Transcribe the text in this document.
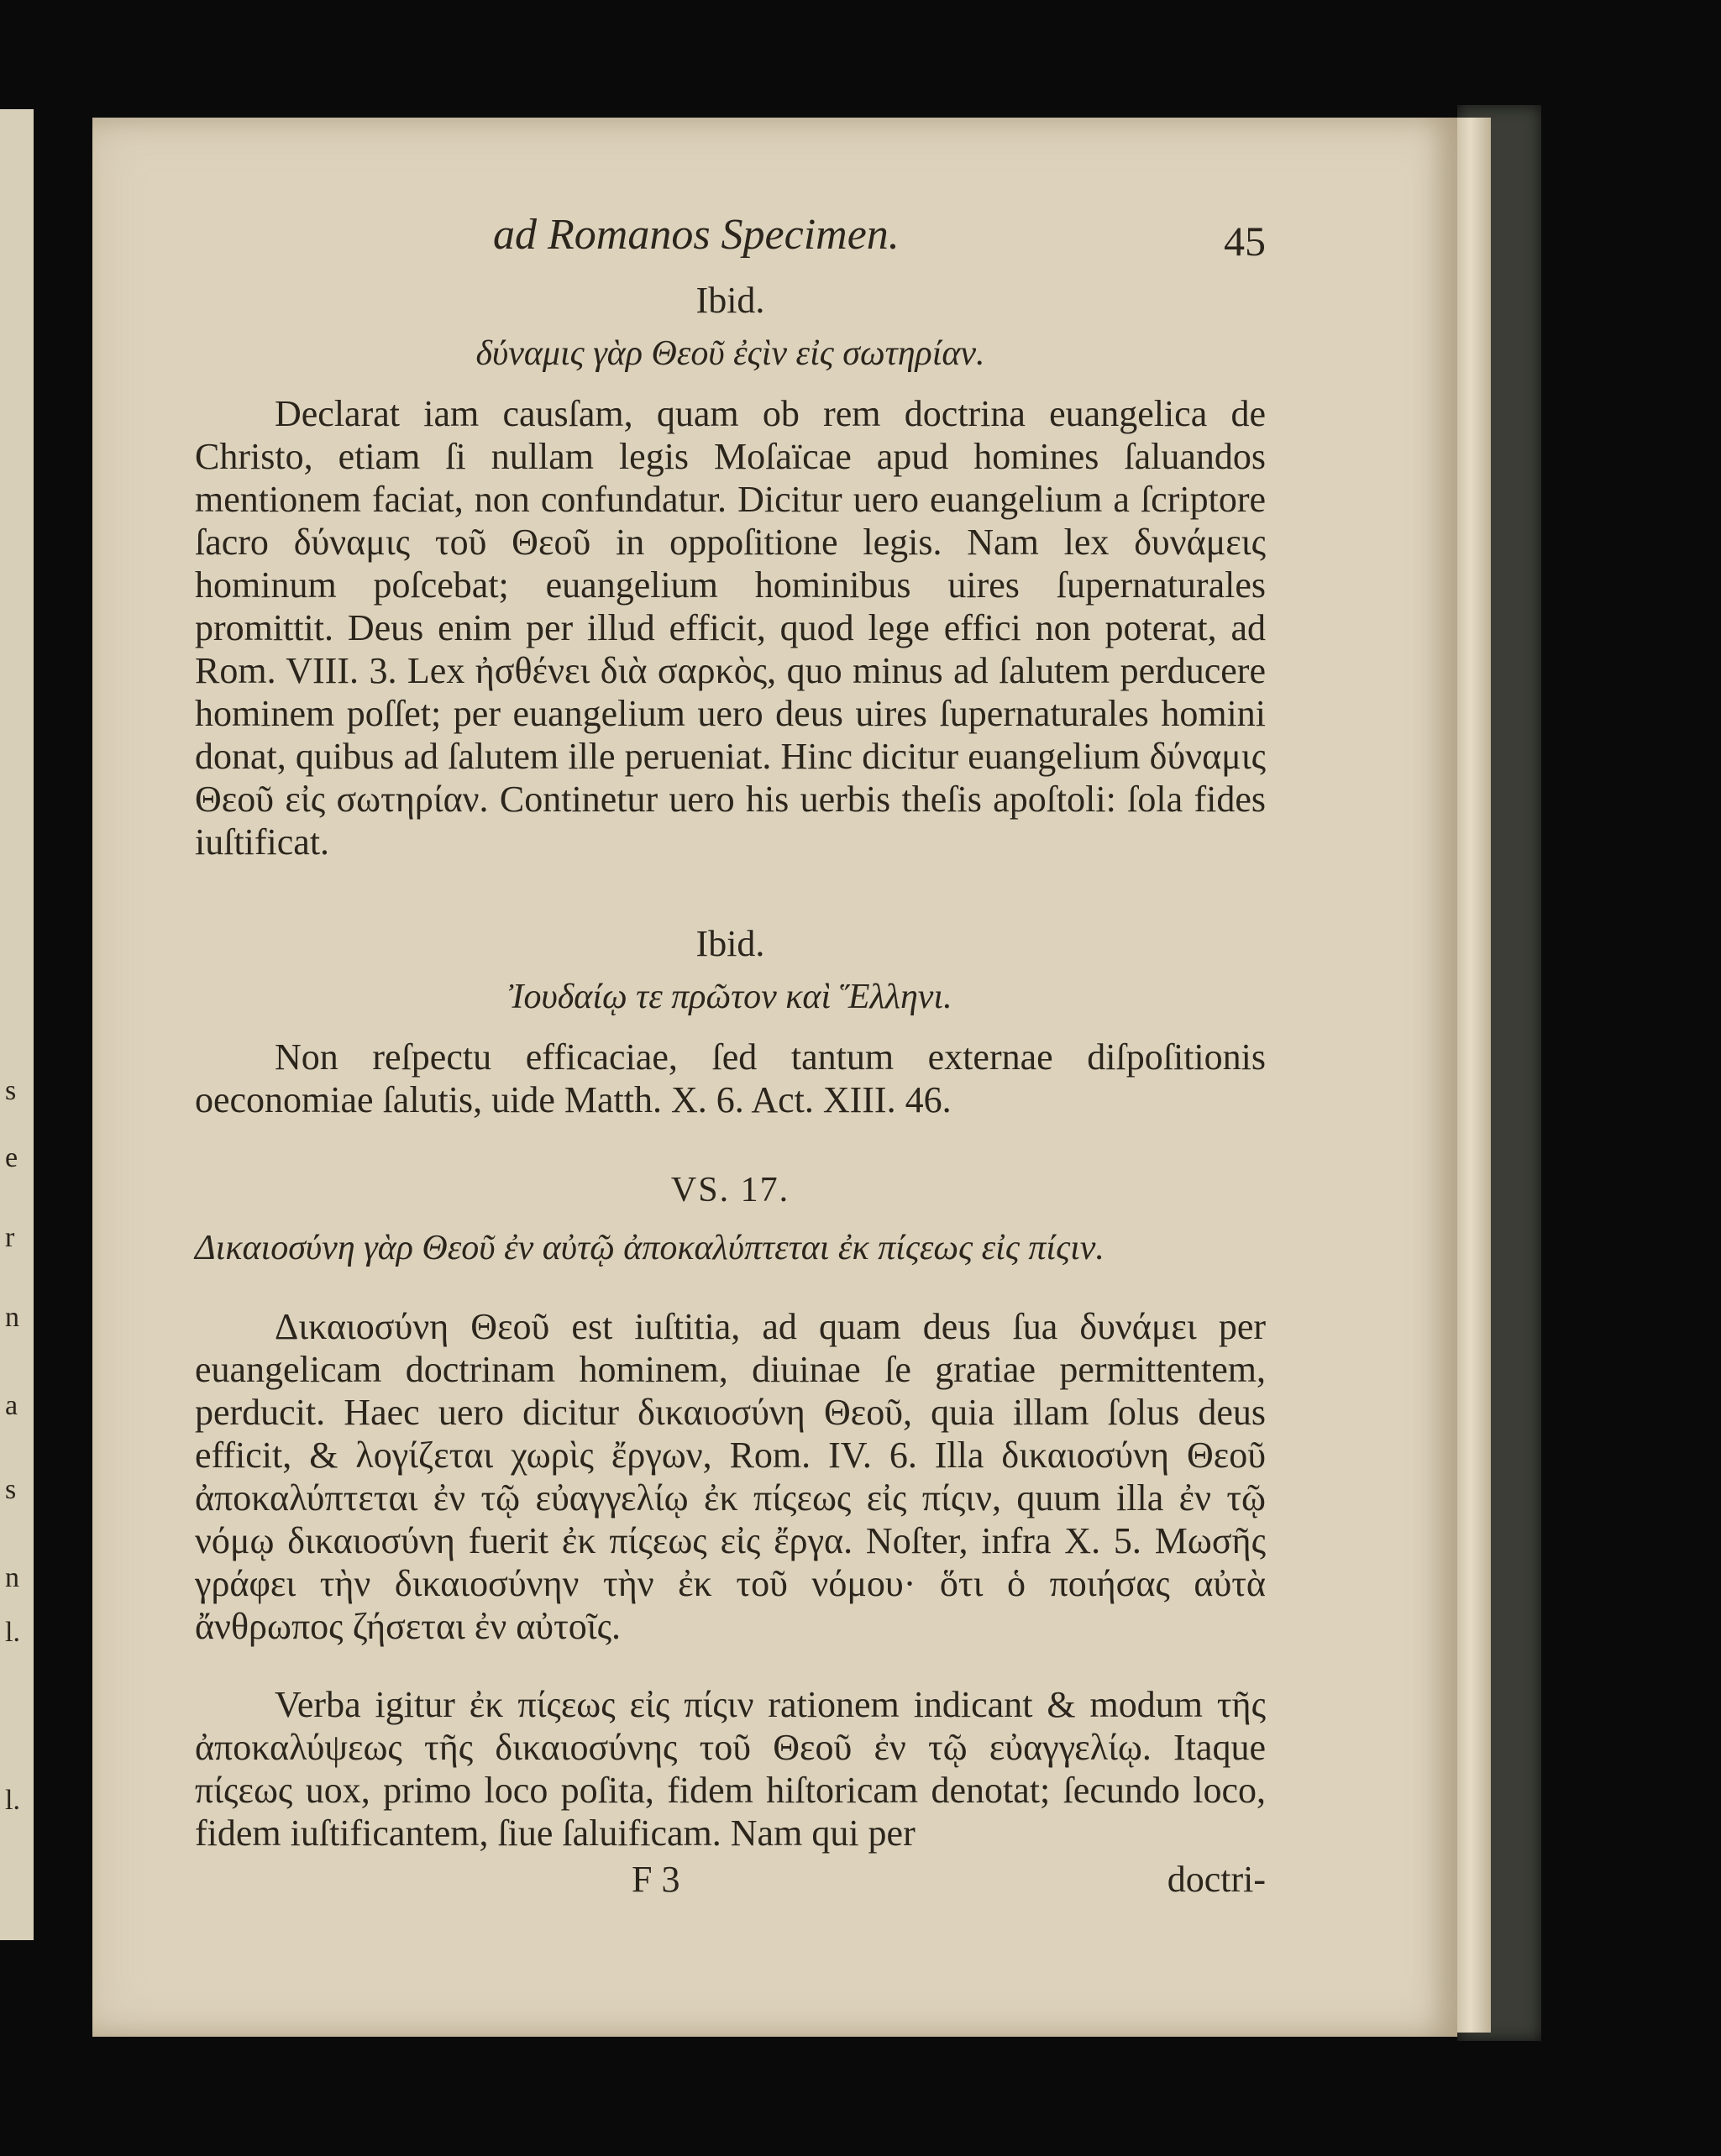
s
e
r
n
a
s
n
l.
l.
ad Romanos Specimen.	45
Ibid.
δύναμις γὰρ Θεοῦ ἐςὶν εἰς σωτηρίαν.

Declarat iam causſam, quam ob rem doctrina euangelica de Christo, etiam ſi nullam legis Moſaïcae apud homines ſaluandos mentionem faciat, non confundatur. Dicitur uero euangelium a ſcriptore ſacro δύναμις τοῦ Θεοῦ in oppoſitione legis. Nam lex δυνάμεις hominum poſcebat; euangelium hominibus uires ſupernaturales promittit. Deus enim per illud efficit, quod lege effici non poterat, ad Rom. VIII. 3. Lex ἠσθένει διὰ σαρκὸς, quo minus ad ſalutem perducere hominem poſſet; per euangelium uero deus uires ſupernaturales homini donat, quibus ad ſalutem ille perueniat. Hinc dicitur euangelium δύναμις Θεοῦ εἰς σωτηρίαν. Continetur uero his uerbis theſis apoſtoli: ſola fides iuſtificat.

Ibid.
Ἰουδαίῳ τε πρῶτον καὶ Ἕλληνι.

Non reſpectu efficaciae, ſed tantum externae diſpoſitionis oeconomiae ſalutis, uide Matth. X. 6. Act. XIII. 46.

VS. 17.

Δικαιοσύνη γὰρ Θεοῦ ἐν αὐτῷ ἀποκαλύπτεται ἐκ πίςεως εἰς πίςιν.

Δικαιοσύνη Θεοῦ est iuſtitia, ad quam deus ſua δυνάμει per euangelicam doctrinam hominem, diuinae ſe gratiae permittentem, perducit. Haec uero dicitur δικαιοσύνη Θεοῦ, quia illam ſolus deus efficit, & λογίζεται χωρὶς ἔργων, Rom. IV. 6. Illa δικαιοσύνη Θεοῦ ἀποκαλύπτεται ἐν τῷ εὐαγγελίῳ ἐκ πίςεως εἰς πίςιν, quum illa ἐν τῷ νόμῳ δικαιοσύνη fuerit ἐκ πίςεως εἰς ἔργα. Noſter, infra X. 5. Μωσῆς γράφει τὴν δικαιοσύνην τὴν ἐκ τοῦ νόμου· ὅτι ὁ ποιήσας αὐτὰ ἄνθρωπος ζήσεται ἐν αὐτοῖς.

Verba igitur ἐκ πίςεως εἰς πίςιν rationem indicant & modum τῆς ἀποκαλύψεως τῆς δικαιοσύνης τοῦ Θεοῦ ἐν τῷ εὐαγγελίῳ. Itaque πίςεως uox, primo loco poſita, fidem hiſtoricam denotat; ſecundo loco, fidem iuſtificantem, ſiue ſaluificam. Nam qui per

F 3	doctri-
